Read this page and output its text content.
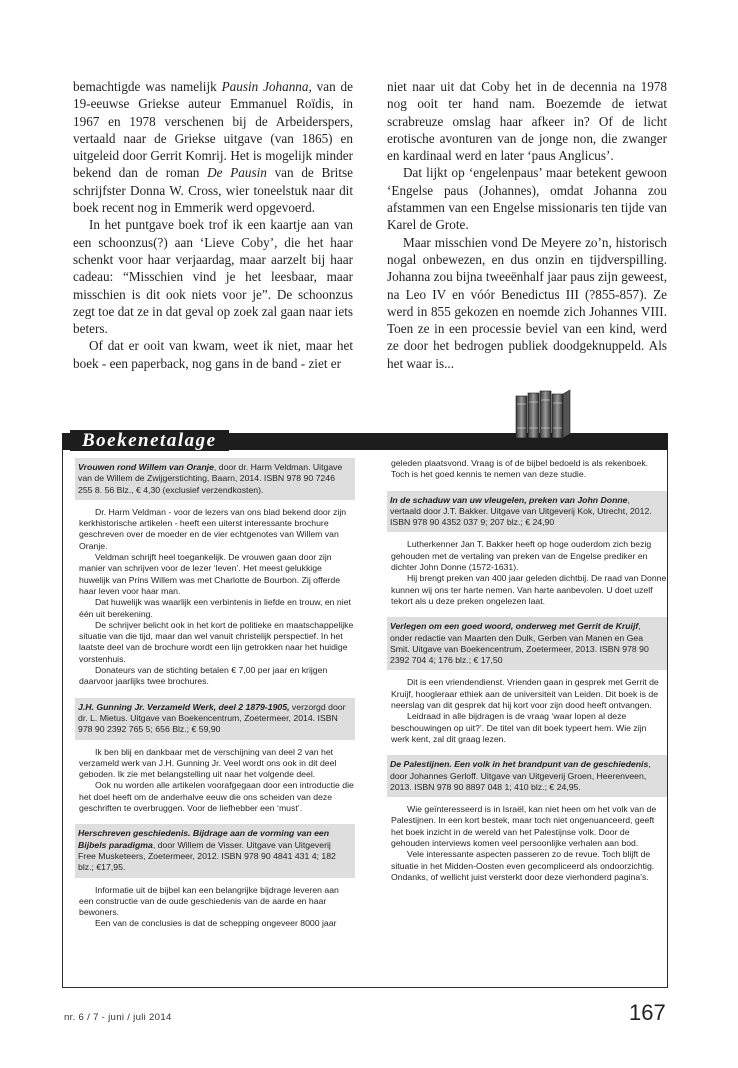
bemachtigde was namelijk Pausin Johanna, van de 19-eeuwse Griekse auteur Emmanuel Roïdis, in 1967 en 1978 verschenen bij de Arbeiderspers, vertaald naar de Griekse uitgave (van 1865) en uitgeleid door Gerrit Komrij. Het is mogelijk minder bekend dan de roman De Pausin van de Britse schrijfster Donna W. Cross, wier toneelstuk naar dit boek recent nog in Emmerik werd opgevoerd.

In het puntgave boek trof ik een kaartje aan van een schoonzus(?) aan ‘Lieve Coby’, die het haar schenkt voor haar verjaardag, maar aarzelt bij haar cadeau: “Misschien vind je het leesbaar, maar misschien is dit ook niets voor je”. De schoonzus zegt toe dat ze in dat geval op zoek zal gaan naar iets beters.

Of dat er ooit van kwam, weet ik niet, maar het boek - een paperback, nog gans in de band - ziet er

niet naar uit dat Coby het in de decennia na 1978 nog ooit ter hand nam. Boezemde de ietwat scrabreuze omslag haar afkeer in? Of de licht erotische avonturen van de jonge non, die zwanger en kardinaal werd en later ‘paus Anglicus’.

Dat lijkt op ‘engelenpaus’ maar betekent gewoon ‘Engelse paus (Johannes), omdat Johanna zou afstammen van een Engelse missionaris ten tijde van Karel de Grote.

Maar misschien vond De Meyere zo’n, historisch nogal onbewezen, en dus onzin en tijdverspilling. Johanna zou bijna tweeënhalf jaar paus zijn geweest, na Leo IV en vóór Benedictus III (?855-857). Ze werd in 855 gekozen en noemde zich Johannes VIII. Toen ze in een processie beviel van een kind, werd ze door het bedrogen publiek doodgeknuppeld. Als het waar is...

Boekenetalage
Vrouwen rond Willem van Oranje, door dr. Harm Veldman. Uitgave van de Willem de Zwijgerstichting, Baarn, 2014. ISBN 978 90 7246 255 8. 56 Blz., € 4,30 (exclusief verzendkosten).

Dr. Harm Veldman - voor de lezers van ons blad bekend door zijn kerkhistorische artikelen - heeft een uiterst interessante brochure geschreven over de moeder en de vier echtgenotes van Willem van Oranje.

Veldman schrijft heel toegankelijk. De vrouwen gaan door zijn manier van schrijven voor de lezer ‘leven’. Het meest gelukkige huwelijk van Prins Willem was met Charlotte de Bourbon. Zij offerde haar leven voor haar man.

Dat huwelijk was waarlijk een verbintenis in liefde en trouw, en niet één uit berekening.

De schrijver belicht ook in het kort de politieke en maatschappelijke situatie van die tijd, maar dan wel vanuit christelijk perspectief. In het laatste deel van de brochure wordt een lijn getrokken naar het huidige vorstenhuis.

Donateurs van de stichting betalen € 7,00 per jaar en krijgen daarvoor jaarlijks twee brochures.

J.H. Gunning Jr. Verzameld Werk, deel 2 1879-1905, verzorgd door dr. L. Mietus. Uitgave van Boekencentrum, Zoetermeer, 2014. ISBN 978 90 2392 765 5; 656 Blz.; € 59,90

Ik ben blij en dankbaar met de verschijning van deel 2 van het verzameld werk van J.H. Gunning Jr. Veel wordt ons ook in dit deel geboden. Ik zie met belangstelling uit naar het volgende deel.

Ook nu worden alle artikelen voorafgegaan door een introductie die het doel heeft om de anderhalve eeuw die ons scheiden van deze geschriften te overbruggen. Voor de liefhebber een ‘must’.

Herschreven geschiedenis. Bijdrage aan de vorming van een Bijbels paradigma, door Willem de Visser. Uitgave van Uitgeverij Free Musketeers, Zoetermeer, 2012. ISBN 978 90 4841 431 4; 182 blz.; €17,95.

Informatie uit de bijbel kan een belangrijke bijdrage leveren aan een constructie van de oude geschiedenis van de aarde en haar bewoners.

Een van de conclusies is dat de schepping ongeveer 8000 jaar

geleden plaatsvond. Vraag is of de bijbel bedoeld is als rekenboek. Toch is het goed kennis te nemen van deze studie.
In de schaduw van uw vleugelen, preken van John Donne, vertaald door J.T. Bakker. Uitgave van Uitgeverij Kok, Utrecht, 2012. ISBN 978 90 4352 037 9; 207 blz.; € 24,90

Lutherkenner Jan T. Bakker heeft op hoge ouderdom zich bezig gehouden met de vertaling van preken van de Engelse prediker en dichter John Donne (1572-1631).

Hij brengt preken van 400 jaar geleden dichtbij. De raad van Donne kunnen wij ons ter harte nemen. Van harte aanbevolen. U doet uzelf tekort als u deze preken ongelezen laat.

Verlegen om een goed woord, onderweg met Gerrit de Kruijf, onder redactie van Maarten den Dulk, Gerben van Manen en Gea Smit. Uitgave van Boekencentrum, Zoetermeer, 2013. ISBN 978 90 2392 704 4; 176 blz.; € 17,50

Dit is een vriendendienst. Vrienden gaan in gesprek met Gerrit de Kruijf, hoogleraar ethiek aan de universiteit van Leiden. Dit boek is de neerslag van dit gesprek dat hij kort voor zijn dood heeft ontvangen.

Leidraad in alle bijdragen is de vraag ‘waar lopen al deze beschouwingen op uit?’. De titel van dit boek typeert hem. Wie zijn werk kent, zal dit graag lezen.

De Palestijnen. Een volk in het brandpunt van de geschiedenis, door Johannes Gerloff. Uitgave van Uitgeverij Groen, Heerenveen, 2013. ISBN 978 90 8897 048 1; 410 blz.; € 24,95.

Wie geïnteresseerd is in Israël, kan niet heen om het volk van de Palestijnen. In een kort bestek, maar toch niet ongenuanceerd, geeft het boek inzicht in de wereld van het Palestijnse volk. Door de gehouden interviews komen veel persoonlijke verhalen aan bod.

Vele interessante aspecten passeren zo de revue. Toch blijft de situatie in het Midden-Oosten even gecompliceerd als ondoorzichtig. Ondanks, of wellicht juist versterkt door deze vierhonderd pagina’s.

nr. 6 / 7 - juni / juli 2014	167
